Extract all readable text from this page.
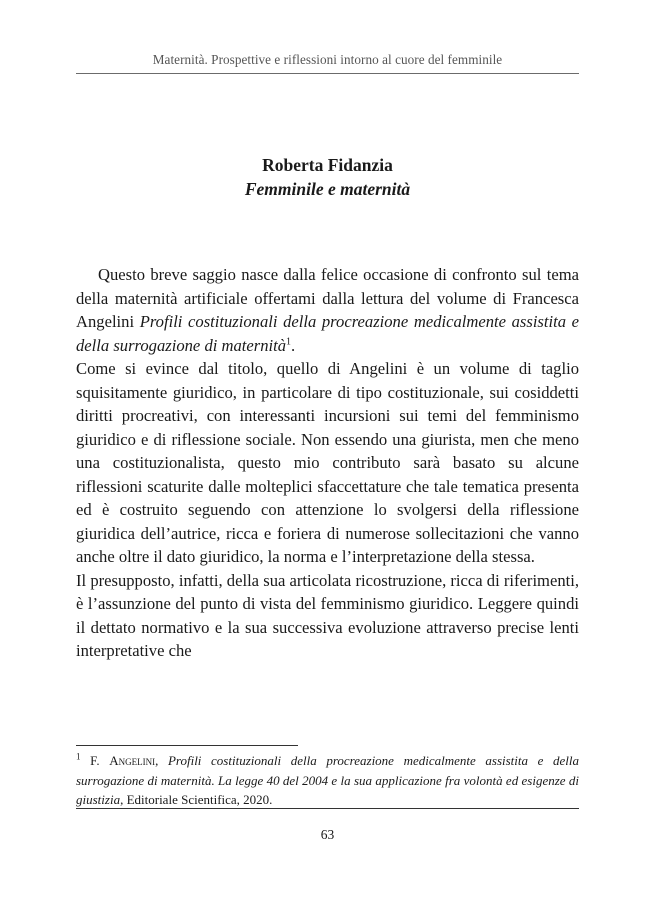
Maternità. Prospettive e riflessioni intorno al cuore del femminile
Roberta Fidanzia
Femminile e maternità

Questo breve saggio nasce dalla felice occasione di confronto sul tema della maternità artificiale offertami dalla lettura del volume di Francesca Angelini Profili costituzionali della procreazione medicalmente assistita e della surrogazione di maternità$^1$.

Come si evince dal titolo, quello di Angelini è un volume di taglio squisitamente giuridico, in particolare di tipo costituzionale, sui cosiddetti diritti procreativi, con interessanti incursioni sui temi del femminismo giuridico e di riflessione sociale. Non essendo una giurista, men che meno una costituzionalista, questo mio contributo sarà basato su alcune riflessioni scaturite dalle molteplici sfaccettature che tale tematica presenta ed è costruito seguendo con attenzione lo svolgersi della riflessione giuridica dell’autrice, ricca e foriera di numerose sollecitazioni che vanno anche oltre il dato giuridico, la norma e l’interpretazione della stessa.

Il presupposto, infatti, della sua articolata ricostruzione, ricca di riferimenti, è l’assunzione del punto di vista del femminismo giuridico. Leggere quindi il dettato normativo e la sua successiva evoluzione attraverso precise lenti interpretative che

$^1$ F. Angelini, Profili costituzionali della procreazione medicalmente assistita e della surrogazione di maternità. La legge 40 del 2004 e la sua applicazione fra volontà ed esigenze di giustizia, Editoriale Scientifica, 2020.
63
